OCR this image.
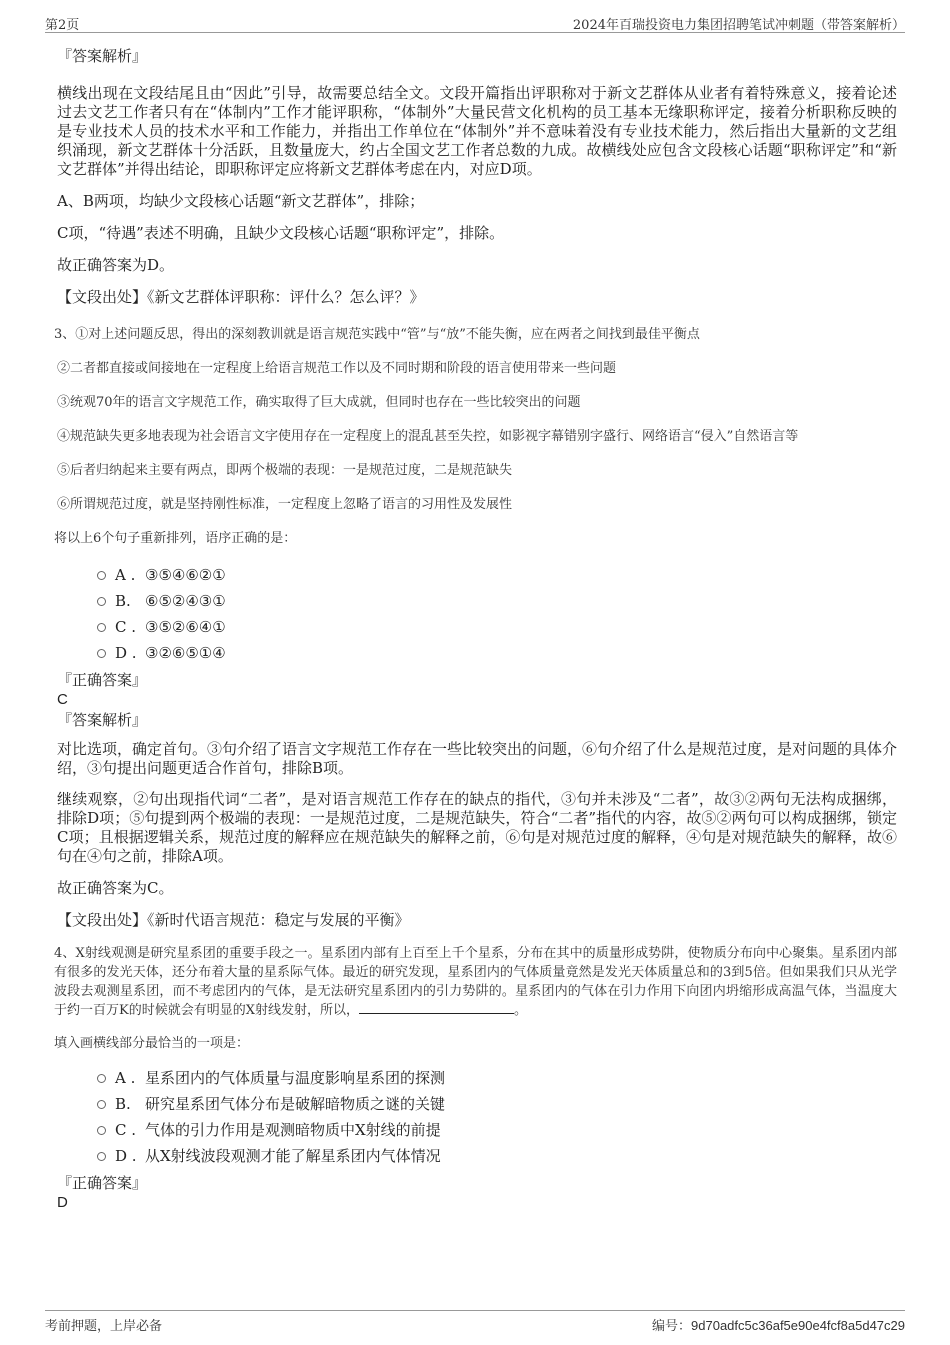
第2页	2024年百瑞投资电力集团招聘笔试冲刺题（带答案解析）

『答案解析』

横线出现在文段结尾且由“因此”引导，故需要总结全文。文段开篇指出评职称对于新文艺群体从业者有着特殊意义，接着论述过去文艺工作者只有在“体制内”工作才能评职称，“体制外”大量民营文化机构的员工基本无缘职称评定，接着分析职称反映的是专业技术人员的技术水平和工作能力，并指出工作单位在“体制外”并不意味着没有专业技术能力，然后指出大量新的文艺组织涌现，新文艺群体十分活跃，且数量庞大，约占全国文艺工作者总数的九成。故横线处应包含文段核心话题“职称评定”和“新文艺群体”并得出结论，即职称评定应将新文艺群体考虑在内，对应D项。

A、B两项，均缺少文段核心话题“新文艺群体”，排除；

C项，“待遇”表述不明确，且缺少文段核心话题“职称评定”，排除。

故正确答案为D。

【文段出处】《新文艺群体评职称：评什么？怎么评？》

3、①对上述问题反思，得出的深刻教训就是语言规范实践中“管”与“放”不能失衡，应在两者之间找到最佳平衡点

②二者都直接或间接地在一定程度上给语言规范工作以及不同时期和阶段的语言使用带来一些问题

③统观70年的语言文字规范工作，确实取得了巨大成就，但同时也存在一些比较突出的问题

④规范缺失更多地表现为社会语言文字使用存在一定程度上的混乱甚至失控，如影视字幕错别字盛行、网络语言“侵入”自然语言等

⑤后者归纳起来主要有两点，即两个极端的表现：一是规范过度，二是规范缺失

⑥所谓规范过度，就是坚持刚性标准，一定程度上忽略了语言的习用性及发展性

将以上6个句子重新排列，语序正确的是：

A . ③⑤④⑥②①
B. ⑥⑤②④③①
C . ③⑤②⑥④①
D . ③②⑥⑤①④

『正确答案』

C

『答案解析』

对比选项，确定首句。③句介绍了语言文字规范工作存在一些比较突出的问题，⑥句介绍了什么是规范过度，是对问题的具体介绍，③句提出问题更适合作首句，排除B项。

继续观察，②句出现指代词“二者”，是对语言规范工作存在的缺点的指代，③句并未涉及“二者”，故③②两句无法构成捆绑，排除D项；⑤句提到两个极端的表现：一是规范过度，二是规范缺失，符合“二者”指代的内容，故⑤②两句可以构成捆绑，锁定C项；且根据逻辑关系，规范过度的解释应在规范缺失的解释之前，⑥句是对规范过度的解释，④句是对规范缺失的解释，故⑥句在④句之前，排除A项。

故正确答案为C。

【文段出处】《新时代语言规范：稳定与发展的平衡》

4、X射线观测是研究星系团的重要手段之一。星系团内部有上百至上千个星系，分布在其中的质量形成势阱，使物质分布向中心聚集。星系团内部有很多的发光天体，还分布着大量的星系际气体。最近的研究发现，星系团内的气体质量竟然是发光天体质量总和的3到5倍。但如果我们只从光学波段去观测星系团，而不考虑团内的气体，是无法研究星系团内的引力势阱的。星系团内的气体在引力作用下向团内坍缩形成高温气体，当温度大于约一百万K的时候就会有明显的X射线发射，所以，	。

填入画横线部分最恰当的一项是：

A . 星系团内的气体质量与温度影响星系团的探测
B. 研究星系团气体分布是破解暗物质之谜的关键
C . 气体的引力作用是观测暗物质中X射线的前提
D . 从X射线波段观测才能了解星系团内气体情况

『正确答案』

D

考前押题，上岸必备	编号：9d70adfc5c36af5e90e4fcf8a5d47c29
